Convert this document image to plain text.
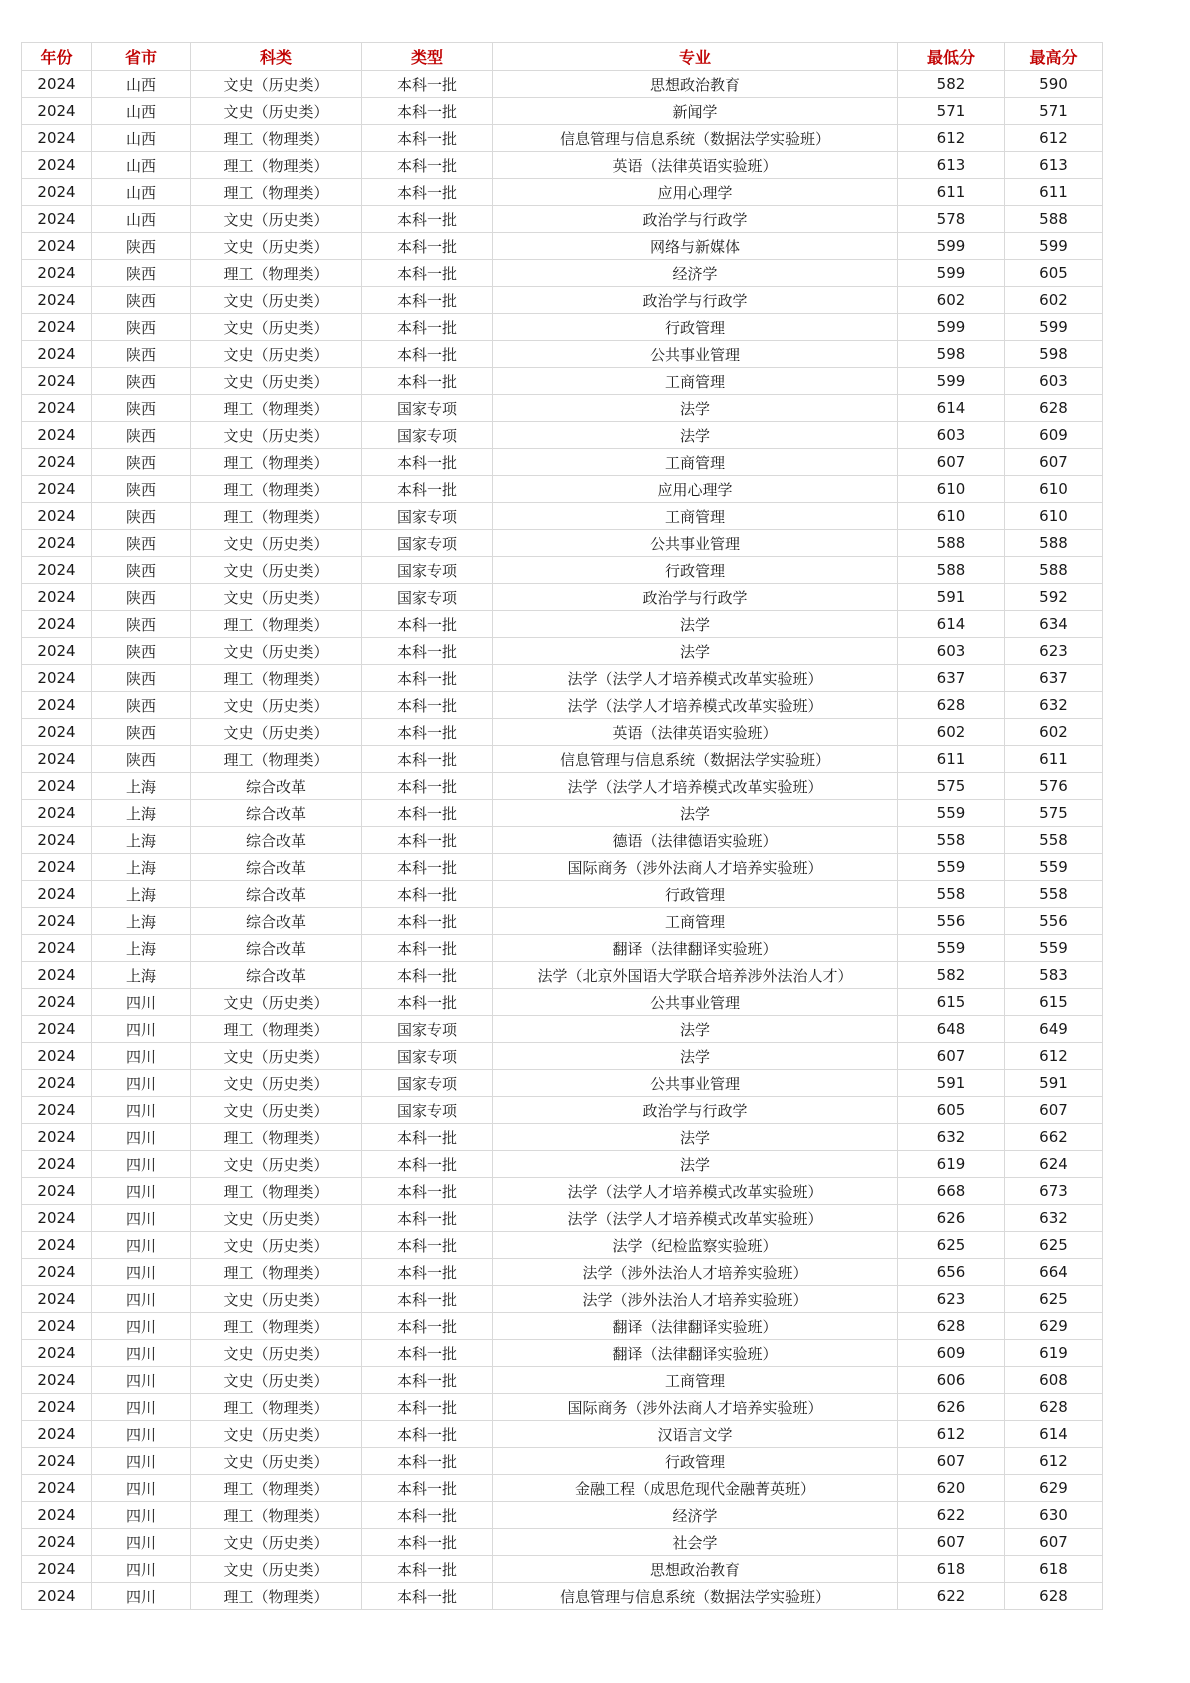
年份	省市	科类	类型	专业	最低分	最高分
2024	山西	文史（历史类）	本科一批	思想政治教育	582	590
2024	山西	文史（历史类）	本科一批	新闻学	571	571
2024	山西	理工（物理类）	本科一批	信息管理与信息系统（数据法学实验班）	612	612
2024	山西	理工（物理类）	本科一批	英语（法律英语实验班）	613	613
2024	山西	理工（物理类）	本科一批	应用心理学	611	611
2024	山西	文史（历史类）	本科一批	政治学与行政学	578	588
2024	陕西	文史（历史类）	本科一批	网络与新媒体	599	599
2024	陕西	理工（物理类）	本科一批	经济学	599	605
2024	陕西	文史（历史类）	本科一批	政治学与行政学	602	602
2024	陕西	文史（历史类）	本科一批	行政管理	599	599
2024	陕西	文史（历史类）	本科一批	公共事业管理	598	598
2024	陕西	文史（历史类）	本科一批	工商管理	599	603
2024	陕西	理工（物理类）	国家专项	法学	614	628
2024	陕西	文史（历史类）	国家专项	法学	603	609
2024	陕西	理工（物理类）	本科一批	工商管理	607	607
2024	陕西	理工（物理类）	本科一批	应用心理学	610	610
2024	陕西	理工（物理类）	国家专项	工商管理	610	610
2024	陕西	文史（历史类）	国家专项	公共事业管理	588	588
2024	陕西	文史（历史类）	国家专项	行政管理	588	588
2024	陕西	文史（历史类）	国家专项	政治学与行政学	591	592
2024	陕西	理工（物理类）	本科一批	法学	614	634
2024	陕西	文史（历史类）	本科一批	法学	603	623
2024	陕西	理工（物理类）	本科一批	法学（法学人才培养模式改革实验班）	637	637
2024	陕西	文史（历史类）	本科一批	法学（法学人才培养模式改革实验班）	628	632
2024	陕西	文史（历史类）	本科一批	英语（法律英语实验班）	602	602
2024	陕西	理工（物理类）	本科一批	信息管理与信息系统（数据法学实验班）	611	611
2024	上海	综合改革	本科一批	法学（法学人才培养模式改革实验班）	575	576
2024	上海	综合改革	本科一批	法学	559	575
2024	上海	综合改革	本科一批	德语（法律德语实验班）	558	558
2024	上海	综合改革	本科一批	国际商务（涉外法商人才培养实验班）	559	559
2024	上海	综合改革	本科一批	行政管理	558	558
2024	上海	综合改革	本科一批	工商管理	556	556
2024	上海	综合改革	本科一批	翻译（法律翻译实验班）	559	559
2024	上海	综合改革	本科一批	法学（北京外国语大学联合培养涉外法治人才）	582	583
2024	四川	文史（历史类）	本科一批	公共事业管理	615	615
2024	四川	理工（物理类）	国家专项	法学	648	649
2024	四川	文史（历史类）	国家专项	法学	607	612
2024	四川	文史（历史类）	国家专项	公共事业管理	591	591
2024	四川	文史（历史类）	国家专项	政治学与行政学	605	607
2024	四川	理工（物理类）	本科一批	法学	632	662
2024	四川	文史（历史类）	本科一批	法学	619	624
2024	四川	理工（物理类）	本科一批	法学（法学人才培养模式改革实验班）	668	673
2024	四川	文史（历史类）	本科一批	法学（法学人才培养模式改革实验班）	626	632
2024	四川	文史（历史类）	本科一批	法学（纪检监察实验班）	625	625
2024	四川	理工（物理类）	本科一批	法学（涉外法治人才培养实验班）	656	664
2024	四川	文史（历史类）	本科一批	法学（涉外法治人才培养实验班）	623	625
2024	四川	理工（物理类）	本科一批	翻译（法律翻译实验班）	628	629
2024	四川	文史（历史类）	本科一批	翻译（法律翻译实验班）	609	619
2024	四川	文史（历史类）	本科一批	工商管理	606	608
2024	四川	理工（物理类）	本科一批	国际商务（涉外法商人才培养实验班）	626	628
2024	四川	文史（历史类）	本科一批	汉语言文学	612	614
2024	四川	文史（历史类）	本科一批	行政管理	607	612
2024	四川	理工（物理类）	本科一批	金融工程（成思危现代金融菁英班）	620	629
2024	四川	理工（物理类）	本科一批	经济学	622	630
2024	四川	文史（历史类）	本科一批	社会学	607	607
2024	四川	文史（历史类）	本科一批	思想政治教育	618	618
2024	四川	理工（物理类）	本科一批	信息管理与信息系统（数据法学实验班）	622	628
